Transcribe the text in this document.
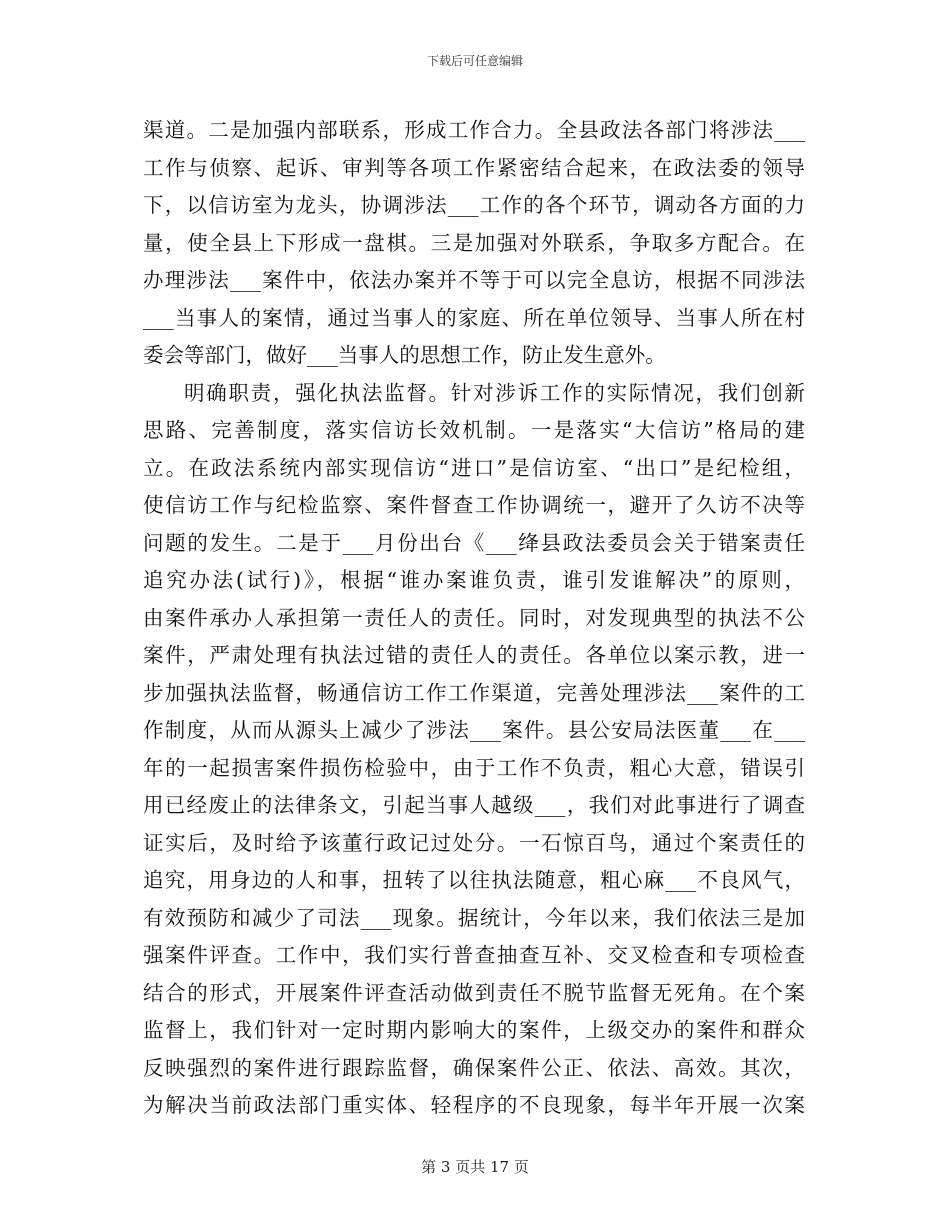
下载后可任意编辑
渠道。二是加强内部联系，形成工作合力。全县政法各部门将涉法___
工作与侦察、起诉、审判等各项工作紧密结合起来，在政法委的领导
下，以信访室为龙头，协调涉法___工作的各个环节，调动各方面的力
量，使全县上下形成一盘棋。三是加强对外联系，争取多方配合。在
办理涉法___案件中，依法办案并不等于可以完全息访，根据不同涉法
___当事人的案情，通过当事人的家庭、所在单位领导、当事人所在村
委会等部门，做好___当事人的思想工作，防止发生意外。
明确职责，强化执法监督。针对涉诉工作的实际情况，我们创新
思路、完善制度，落实信访长效机制。一是落实“大信访”格局的建
立。在政法系统内部实现信访“进口”是信访室、“出口”是纪检组，
使信访工作与纪检监察、案件督查工作协调统一，避开了久访不决等
问题的发生。二是于___月份出台《___绛县政法委员会关于错案责任
追究办法(试行)》，根据“谁办案谁负责，谁引发谁解决”的原则，
由案件承办人承担第一责任人的责任。同时，对发现典型的执法不公
案件，严肃处理有执法过错的责任人的责任。各单位以案示教，进一
步加强执法监督，畅通信访工作工作渠道，完善处理涉法___案件的工
作制度，从而从源头上减少了涉法___案件。县公安局法医董___在___
年的一起损害案件损伤检验中，由于工作不负责，粗心大意，错误引
用已经废止的法律条文，引起当事人越级___，我们对此事进行了调查
证实后，及时给予该董行政记过处分。一石惊百鸟，通过个案责任的
追究，用身边的人和事，扭转了以往执法随意，粗心麻___不良风气，
有效预防和减少了司法___现象。据统计，今年以来，我们依法三是加
强案件评查。工作中，我们实行普查抽查互补、交叉检查和专项检查
结合的形式，开展案件评查活动做到责任不脱节监督无死角。在个案
监督上，我们针对一定时期内影响大的案件，上级交办的案件和群众
反映强烈的案件进行跟踪监督，确保案件公正、依法、高效。其次，
为解决当前政法部门重实体、轻程序的不良现象，每半年开展一次案
第 3 页共 17 页
